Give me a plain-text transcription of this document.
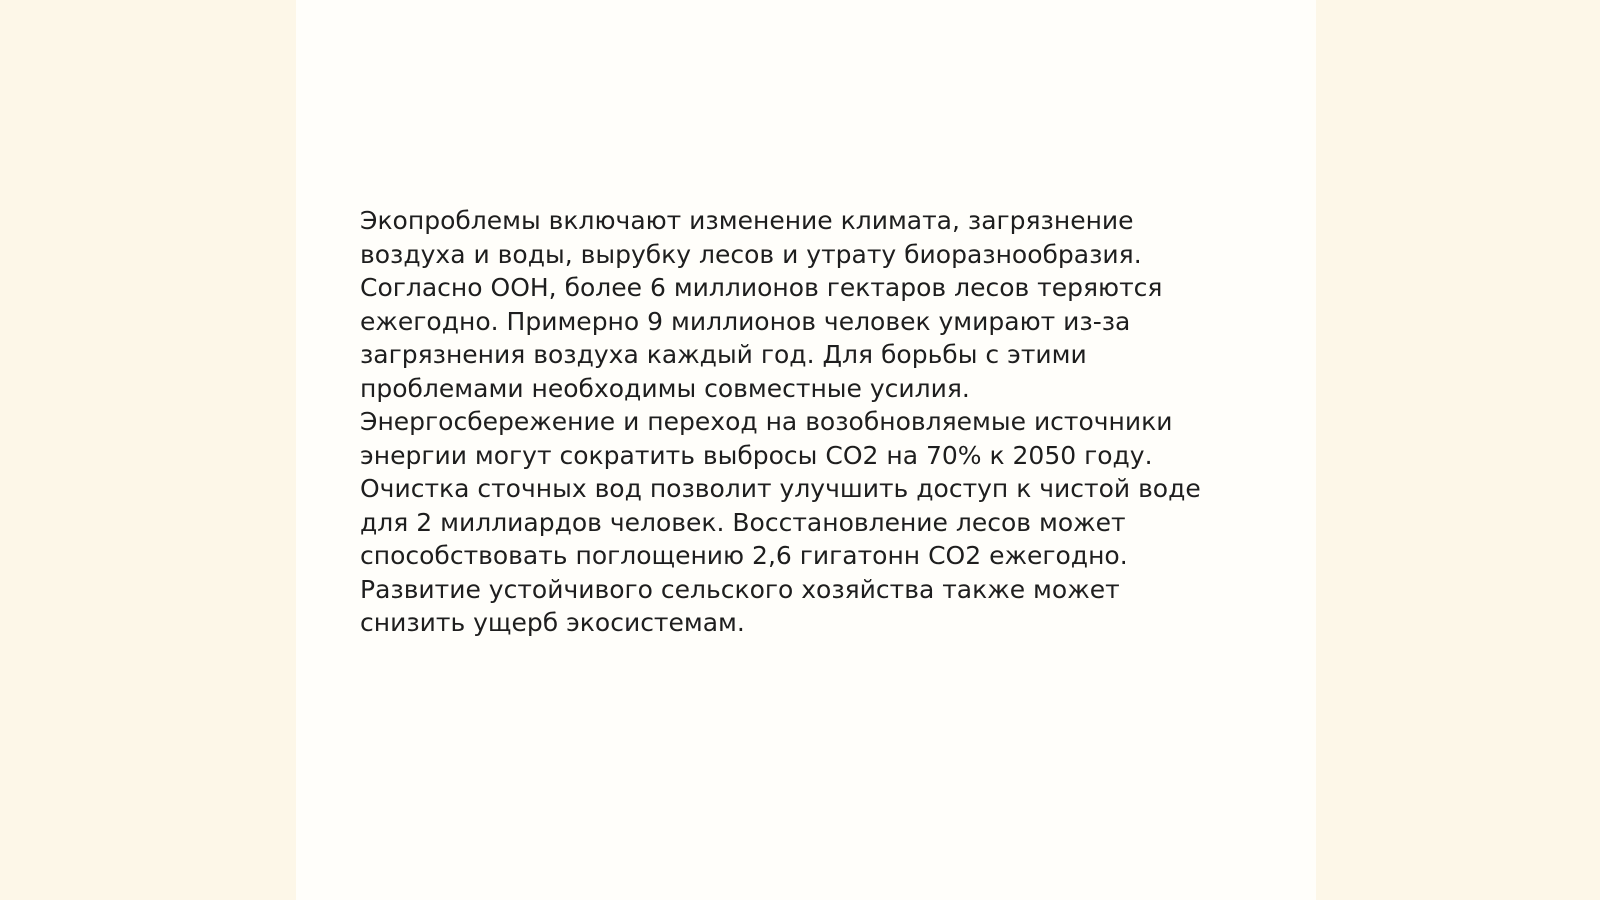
Экопроблемы включают изменение климата, загрязнение
воздуха и воды, вырубку лесов и утрату биоразнообразия.
Согласно ООН, более 6 миллионов гектаров лесов теряются
ежегодно. Примерно 9 миллионов человек умирают из-за
загрязнения воздуха каждый год. Для борьбы с этими
проблемами необходимы совместные усилия.
Энергосбережение и переход на возобновляемые источники
энергии могут сократить выбросы CO2 на 70% к 2050 году.
Очистка сточных вод позволит улучшить доступ к чистой воде
для 2 миллиардов человек. Восстановление лесов может
способствовать поглощению 2,6 гигатонн CO2 ежегодно.
Развитие устойчивого сельского хозяйства также может
снизить ущерб экосистемам.
